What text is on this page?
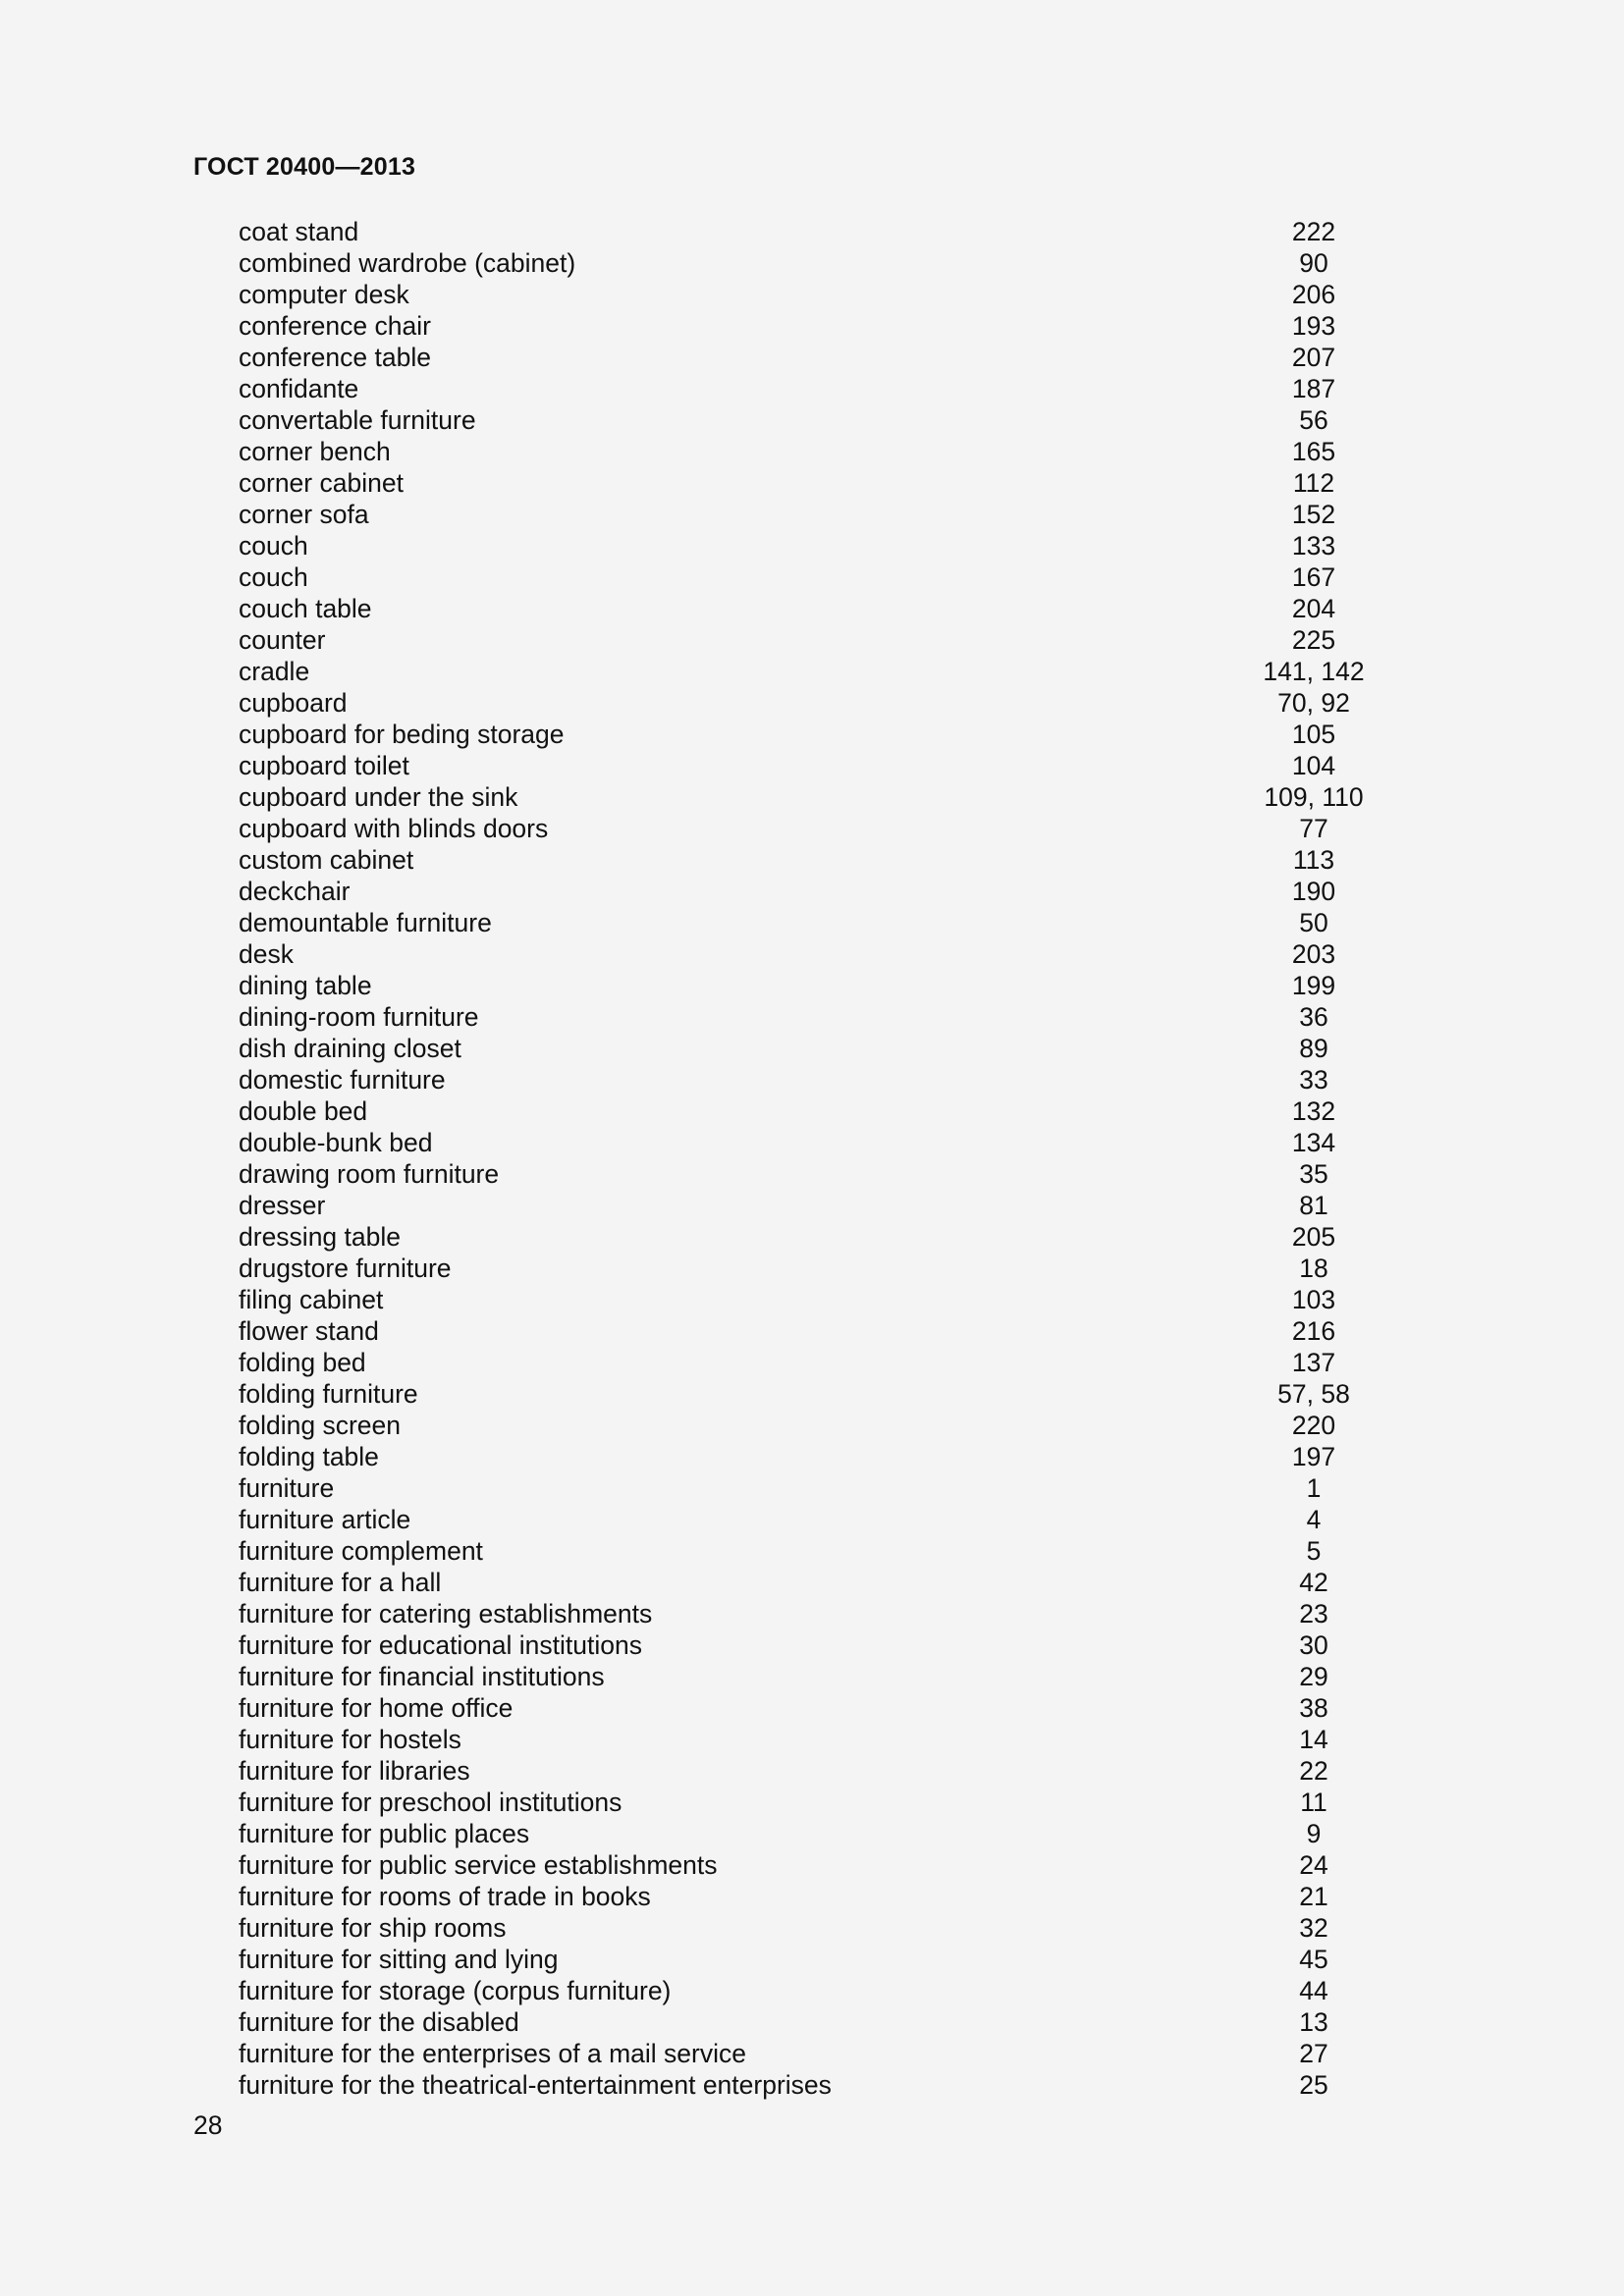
ГОСТ 20400—2013
coat stand	222
combined wardrobe (cabinet)	90
computer desk	206
conference chair	193
conference table	207
confidante	187
convertable furniture	56
corner bench	165
corner cabinet	112
corner sofa	152
couch	133
couch	167
couch table	204
counter	225
cradle	141, 142
cupboard	70, 92
cupboard for beding storage	105
cupboard toilet	104
cupboard under the sink	109, 110
cupboard with blinds doors	77
custom cabinet	113
deckchair	190
demountable furniture	50
desk	203
dining table	199
dining-room furniture	36
dish draining closet	89
domestic furniture	33
double bed	132
double-bunk bed	134
drawing room furniture	35
dresser	81
dressing table	205
drugstore furniture	18
filing cabinet	103
flower stand	216
folding bed	137
folding furniture	57, 58
folding screen	220
folding table	197
furniture	1
furniture article	4
furniture complement	5
furniture for a hall	42
furniture for catering establishments	23
furniture for educational institutions	30
furniture for financial institutions	29
furniture for home office	38
furniture for hostels	14
furniture for libraries	22
furniture for preschool institutions	11
furniture for public places	9
furniture for public service establishments	24
furniture for rooms of trade in books	21
furniture for ship rooms	32
furniture for sitting and lying	45
furniture for storage (corpus furniture)	44
furniture for the disabled	13
furniture for the enterprises of a mail service	27
furniture for the theatrical-entertainment enterprises	25
28
